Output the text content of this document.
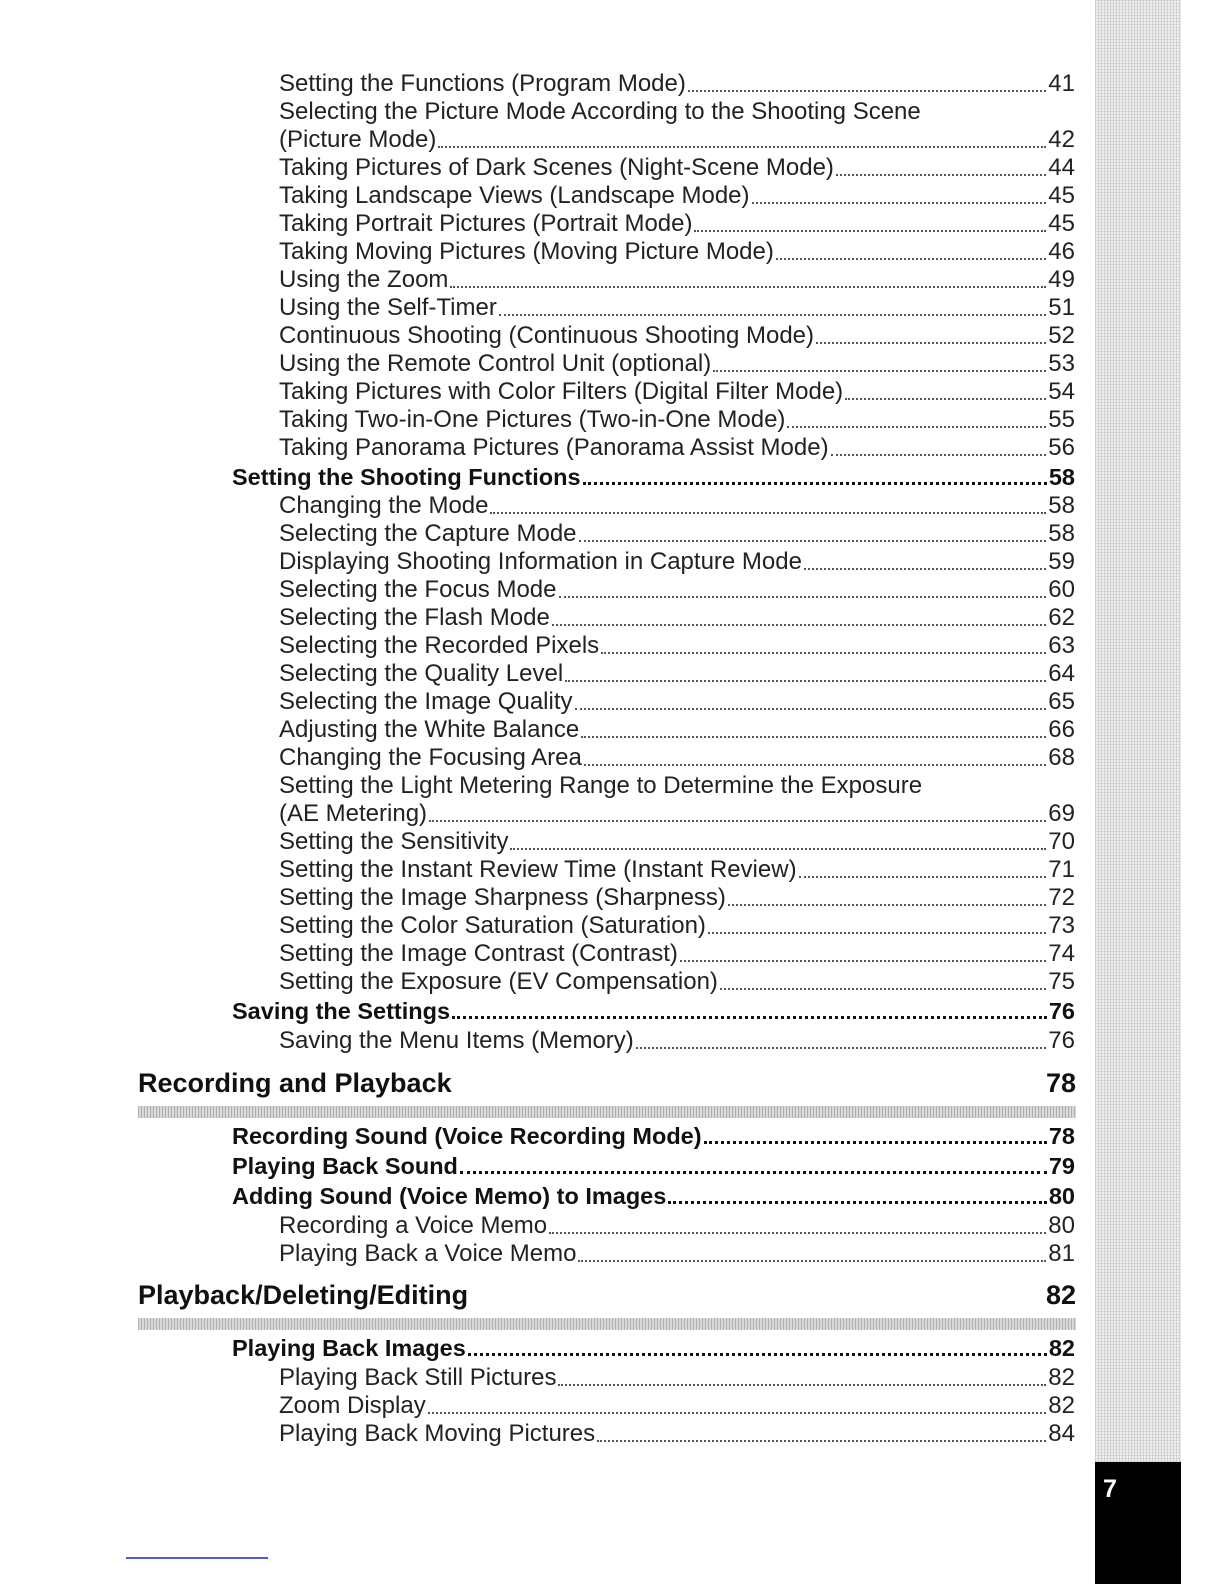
Setting the Functions (Program Mode)	41
Selecting the Picture Mode According to the Shooting Scene
(Picture Mode)	42
Taking Pictures of Dark Scenes (Night-Scene Mode)	44
Taking Landscape Views (Landscape Mode)	45
Taking Portrait Pictures (Portrait Mode)	45
Taking Moving Pictures (Moving Picture Mode)	46
Using the Zoom	49
Using the Self-Timer	51
Continuous Shooting (Continuous Shooting Mode)	52
Using the Remote Control Unit (optional)	53
Taking Pictures with Color Filters (Digital Filter Mode)	54
Taking Two-in-One Pictures (Two-in-One Mode)	55
Taking Panorama Pictures (Panorama Assist Mode)	56
Setting the Shooting Functions	58
Changing the Mode	58
Selecting the Capture Mode	58
Displaying Shooting Information in Capture Mode	59
Selecting the Focus Mode	60
Selecting the Flash Mode	62
Selecting the Recorded Pixels	63
Selecting the Quality Level	64
Selecting the Image Quality	65
Adjusting the White Balance	66
Changing the Focusing Area	68
Setting the Light Metering Range to Determine the Exposure
(AE Metering)	69
Setting the Sensitivity	70
Setting the Instant Review Time (Instant Review)	71
Setting the Image Sharpness (Sharpness)	72
Setting the Color Saturation (Saturation)	73
Setting the Image Contrast (Contrast)	74
Setting the Exposure (EV Compensation)	75
Saving the Settings	76
Saving the Menu Items (Memory)	76
Recording and Playback	78
Recording Sound (Voice Recording Mode)	78
Playing Back Sound	79
Adding Sound (Voice Memo) to Images	80
Recording a Voice Memo	80
Playing Back a Voice Memo	81
Playback/Deleting/Editing	82
Playing Back Images	82
Playing Back Still Pictures	82
Zoom Display	82
Playing Back Moving Pictures	84
7
